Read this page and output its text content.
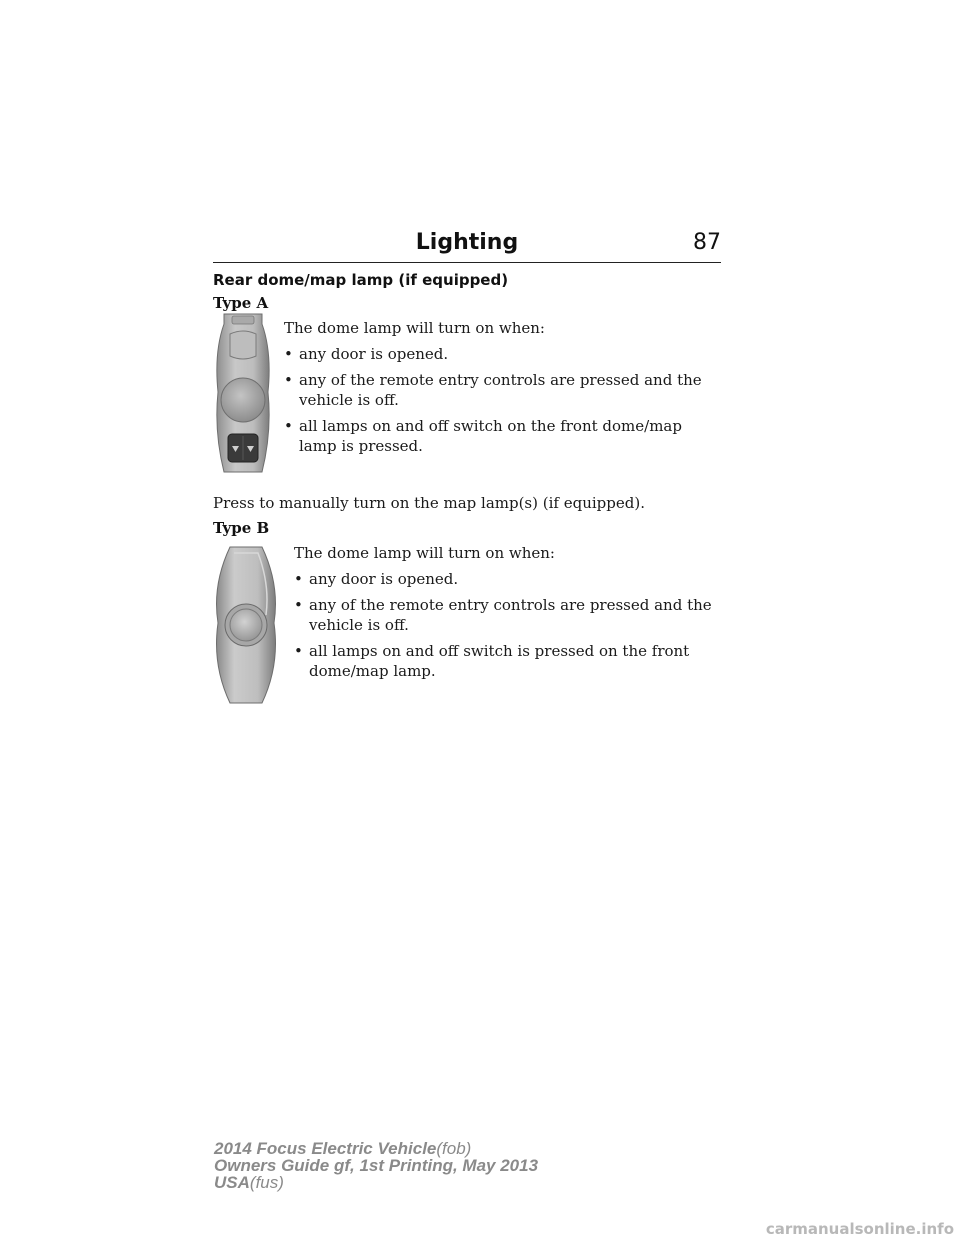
Lighting	87
Rear dome/map lamp (if equipped)
Type A

The dome lamp will turn on when:

• any door is opened.
• any of the remote entry controls are pressed and the vehicle is off.
• all lamps on and off switch on the front dome/map lamp is pressed.
Press to manually turn on the map lamp(s) (if equipped).
Type B

The dome lamp will turn on when:

• any door is opened.
• any of the remote entry controls are pressed and the vehicle is off.
• all lamps on and off switch is pressed on the front dome/map lamp.
2014 Focus Electric Vehicle(fob)
Owners Guide gf, 1st Printing, May 2013
USA(fus)
carmanualsonline.info
